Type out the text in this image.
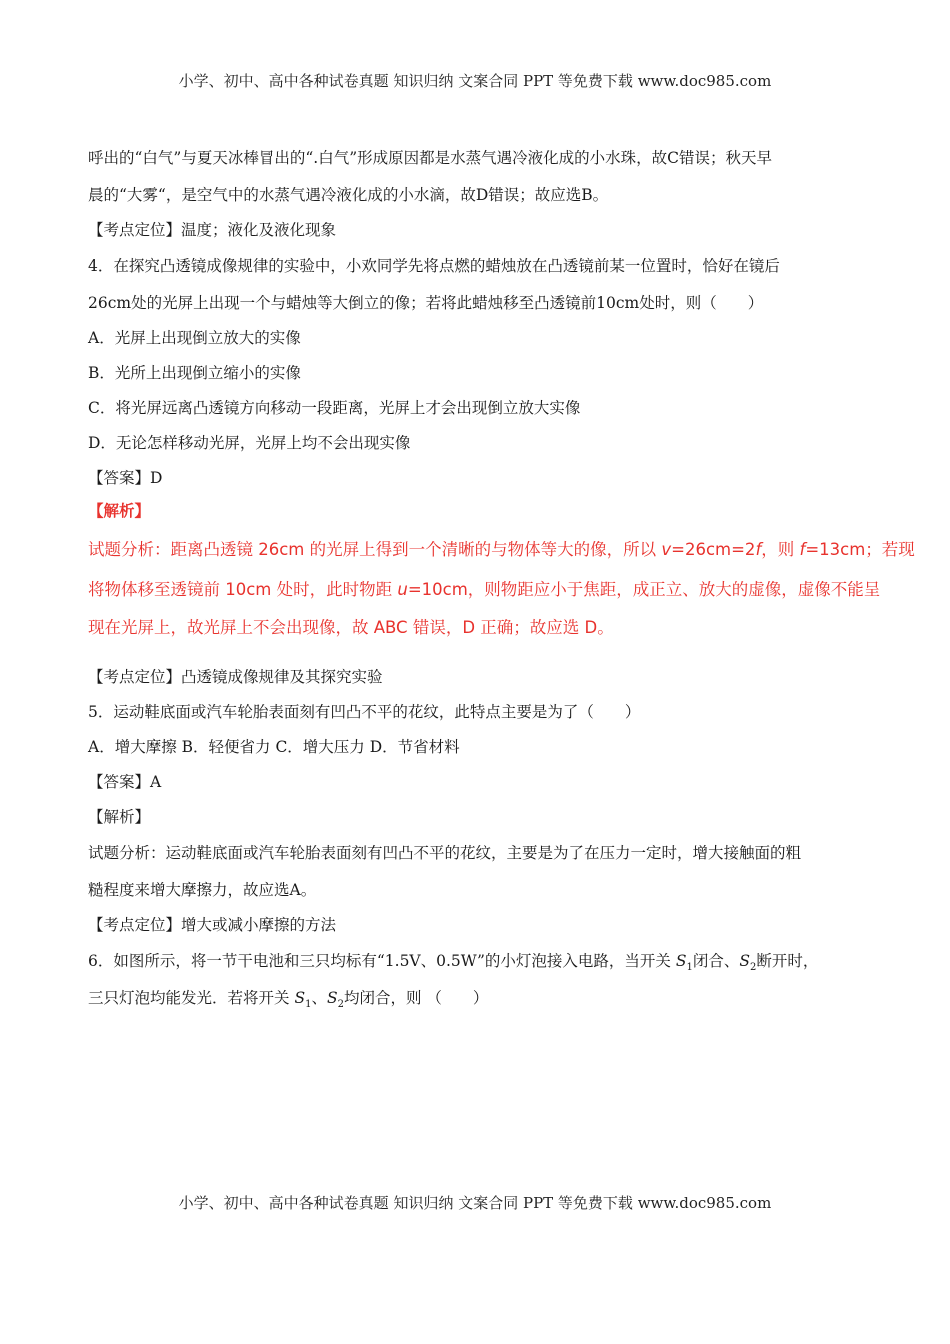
小学、初中、高中各种试卷真题 知识归纳 文案合同 PPT 等免费下载 www.doc985.com
呼出的“白气”与夏天冰棒冒出的“.白气”形成原因都是水蒸气遇冷液化成的小水珠，故C错误；秋天早
晨的“大雾“，是空气中的水蒸气遇冷液化成的小水滴，故D错误；故应选B。
【考点定位】温度；液化及液化现象
4．在探究凸透镜成像规律的实验中，小欢同学先将点燃的蜡烛放在凸透镜前某一位置时，恰好在镜后
26cm处的光屏上出现一个与蜡烛等大倒立的像；若将此蜡烛移至凸透镜前10cm处时，则（　　）
A．光屏上出现倒立放大的实像
B．光所上出现倒立缩小的实像
C．将光屏远离凸透镜方向移动一段距离，光屏上才会出现倒立放大实像
D．无论怎样移动光屏，光屏上均不会出现实像
【答案】D
【解析】
试题分析：距离凸透镜 26cm 的光屏上得到一个清晰的与物体等大的像，所以 v=26cm=2f，则 f=13cm；若现
将物体移至透镜前 10cm 处时，此时物距 u=10cm，则物距应小于焦距，成正立、放大的虚像，虚像不能呈
现在光屏上，故光屏上不会出现像，故 ABC 错误，D 正确；故应选 D。
【考点定位】凸透镜成像规律及其探究实验
5．运动鞋底面或汽车轮胎表面刻有凹凸不平的花纹，此特点主要是为了（　　）
A．增大摩擦 B．轻便省力 C．增大压力 D．节省材料
【答案】A
【解析】
试题分析：运动鞋底面或汽车轮胎表面刻有凹凸不平的花纹，主要是为了在压力一定时，增大接触面的粗
糙程度来增大摩擦力，故应选A。
【考点定位】增大或减小摩擦的方法
6．如图所示，将一节干电池和三只均标有“1.5V、0.5W”的小灯泡接入电路，当开关 $S_1$闭合、$S_2$断开时，
三只灯泡均能发光．若将开关 $S_1$、$S_2$均闭合，则 （　　）
小学、初中、高中各种试卷真题 知识归纳 文案合同 PPT 等免费下载 www.doc985.com
